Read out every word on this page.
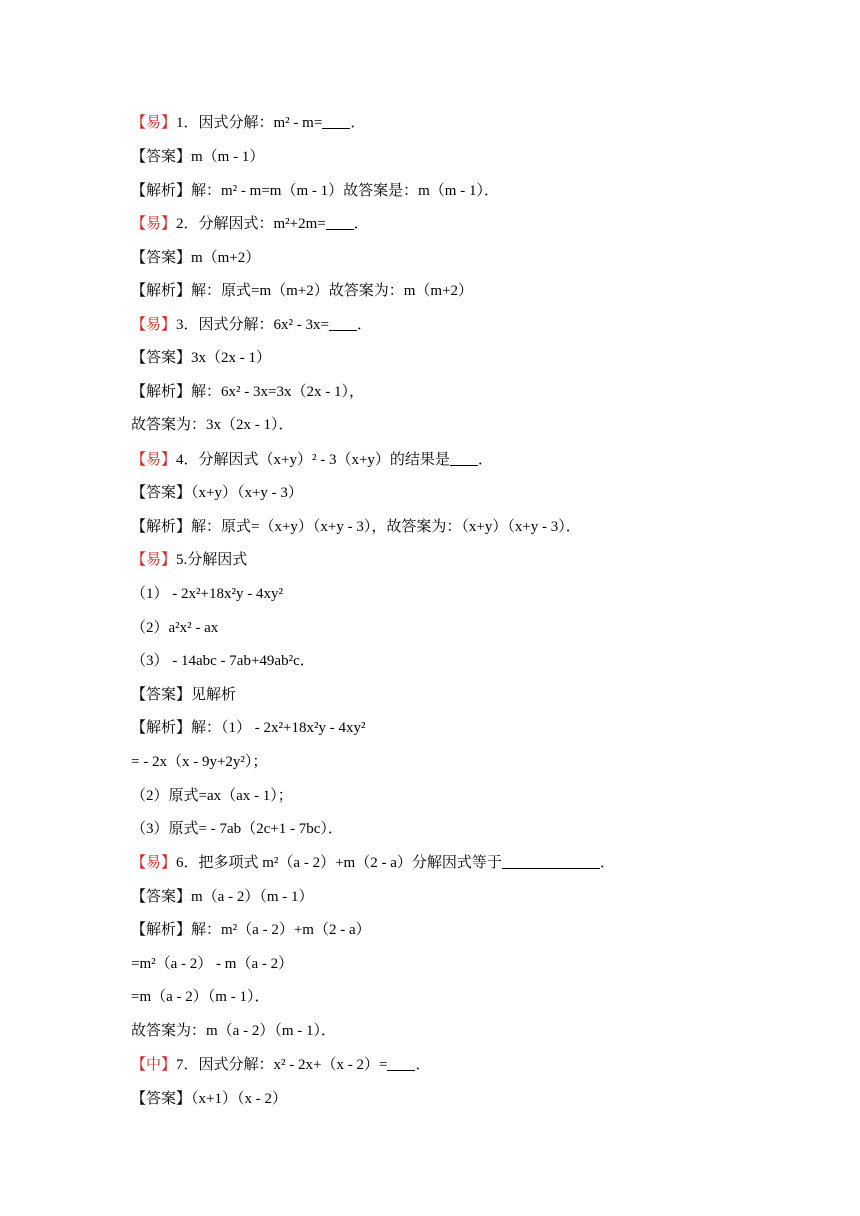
【易】1．因式分解：m² ‑ m= ．
【答案】m（m ‑ 1）
【解析】解：m² ‑ m=m（m ‑ 1）故答案是：m（m ‑ 1）．
【易】2．分解因式：m²+2m= ．
【答案】m（m+2）
【解析】解：原式=m（m+2）故答案为：m（m+2）
【易】3．因式分解：6x² ‑ 3x= ．
【答案】3x（2x ‑ 1）
【解析】解：6x² ‑ 3x=3x（2x ‑ 1），
故答案为：3x（2x ‑ 1）．
【易】4．分解因式（x+y）² ‑ 3（x+y）的结果是 ．
【答案】（x+y）（x+y ‑ 3）
【解析】解：原式=（x+y）（x+y ‑ 3），故答案为：（x+y）（x+y ‑ 3）．
【易】5.分解因式
（1） ‑ 2x²+18x²y ‑ 4xy²
（2）a²x² ‑ ax
（3） ‑ 14abc ‑ 7ab+49ab²c．
【答案】见解析
【解析】解：（1） ‑ 2x²+18x²y ‑ 4xy²
= ‑ 2x（x ‑ 9y+2y²）；
（2）原式=ax（ax ‑ 1）；
（3）原式= ‑ 7ab（2c+1 ‑ 7bc）．
【易】6．把多项式 m²（a ‑ 2）+m（2 ‑ a）分解因式等于	．
【答案】m（a ‑ 2）（m ‑ 1）
【解析】解：m²（a ‑ 2）+m（2 ‑ a）
=m²（a ‑ 2） ‑ m（a ‑ 2）
=m（a ‑ 2）（m ‑ 1）．
故答案为：m（a ‑ 2）（m ‑ 1）．
【中】7．因式分解：x² ‑ 2x+（x ‑ 2）= ．
【答案】（x+1）（x ‑ 2）
